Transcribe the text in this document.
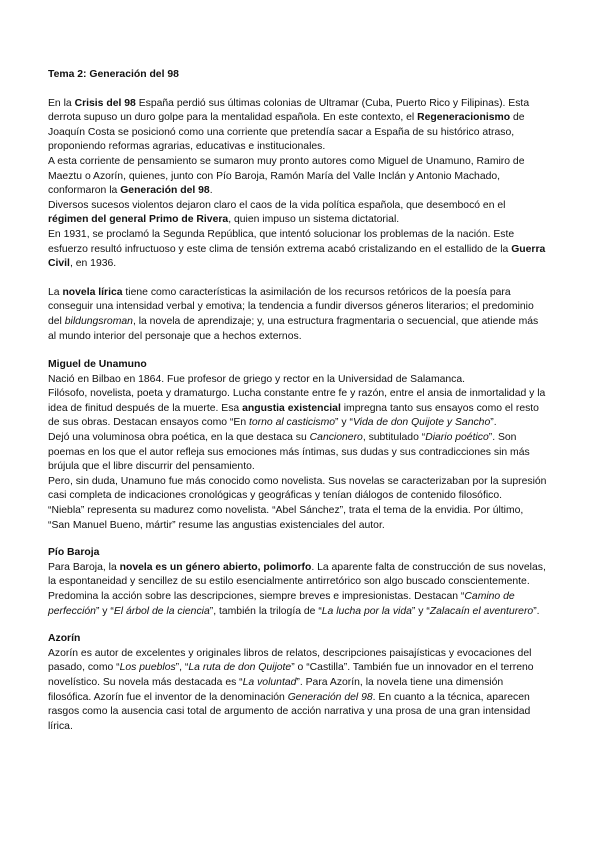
Tema 2: Generación del 98

En la Crisis del 98 España perdió sus últimas colonias de Ultramar (Cuba, Puerto Rico y Filipinas). Esta derrota supuso un duro golpe para la mentalidad española. En este contexto, el Regeneracionismo de Joaquín Costa se posicionó como una corriente que pretendía sacar a España de su histórico atraso, proponiendo reformas agrarias, educativas e institucionales.

A esta corriente de pensamiento se sumaron muy pronto autores como Miguel de Unamuno, Ramiro de Maeztu o Azorín, quienes, junto con Pío Baroja, Ramón María del Valle Inclán y Antonio Machado, conformaron la Generación del 98.

Diversos sucesos violentos dejaron claro el caos de la vida política española, que desembocó en el régimen del general Primo de Rivera, quien impuso un sistema dictatorial.

En 1931, se proclamó la Segunda República, que intentó solucionar los problemas de la nación. Este esfuerzo resultó infructuoso y este clima de tensión extrema acabó cristalizando en el estallido de la Guerra Civil, en 1936.

La novela lírica tiene como características la asimilación de los recursos retóricos de la poesía para conseguir una intensidad verbal y emotiva; la tendencia a fundir diversos géneros literarios; el predominio del bildungsroman, la novela de aprendizaje; y, una estructura fragmentaria o secuencial, que atiende más al mundo interior del personaje que a hechos externos.

Miguel de Unamuno

Nació en Bilbao en 1864. Fue profesor de griego y rector en la Universidad de Salamanca.

Filósofo, novelista, poeta y dramaturgo. Lucha constante entre fe y razón, entre el ansia de inmortalidad y la idea de finitud después de la muerte. Esa angustia existencial impregna tanto sus ensayos como el resto de sus obras. Destacan ensayos como “En torno al casticismo” y “Vida de don Quijote y Sancho”.

Dejó una voluminosa obra poética, en la que destaca su Cancionero, subtitulado “Diario poético”. Son poemas en los que el autor refleja sus emociones más íntimas, sus dudas y sus contradicciones sin más brújula que el libre discurrir del pensamiento.

Pero, sin duda, Unamuno fue más conocido como novelista. Sus novelas se caracterizaban por la supresión casi completa de indicaciones cronológicas y geográficas y tenían diálogos de contenido filosófico.

“Niebla” representa su madurez como novelista. “Abel Sánchez”, trata el tema de la envidia. Por último, “San Manuel Bueno, mártir” resume las angustias existenciales del autor.

Pío Baroja

Para Baroja, la novela es un género abierto, polimorfo. La aparente falta de construcción de sus novelas, la espontaneidad y sencillez de su estilo esencialmente antirretórico son algo buscado conscientemente. Predomina la acción sobre las descripciones, siempre breves e impresionistas. Destacan “Camino de perfección” y “El árbol de la ciencia”, también la trilogía de “La lucha por la vida” y “Zalacaín el aventurero”.

Azorín

Azorín es autor de excelentes y originales libros de relatos, descripciones paisajísticas y evocaciones del pasado, como “Los pueblos”, “La ruta de don Quijote” o “Castilla”. También fue un innovador en el terreno novelístico. Su novela más destacada es “La voluntad”. Para Azorín, la novela tiene una dimensión filosófica. Azorín fue el inventor de la denominación Generación del 98. En cuanto a la técnica, aparecen rasgos como la ausencia casi total de argumento de acción narrativa y una prosa de una gran intensidad lírica.
